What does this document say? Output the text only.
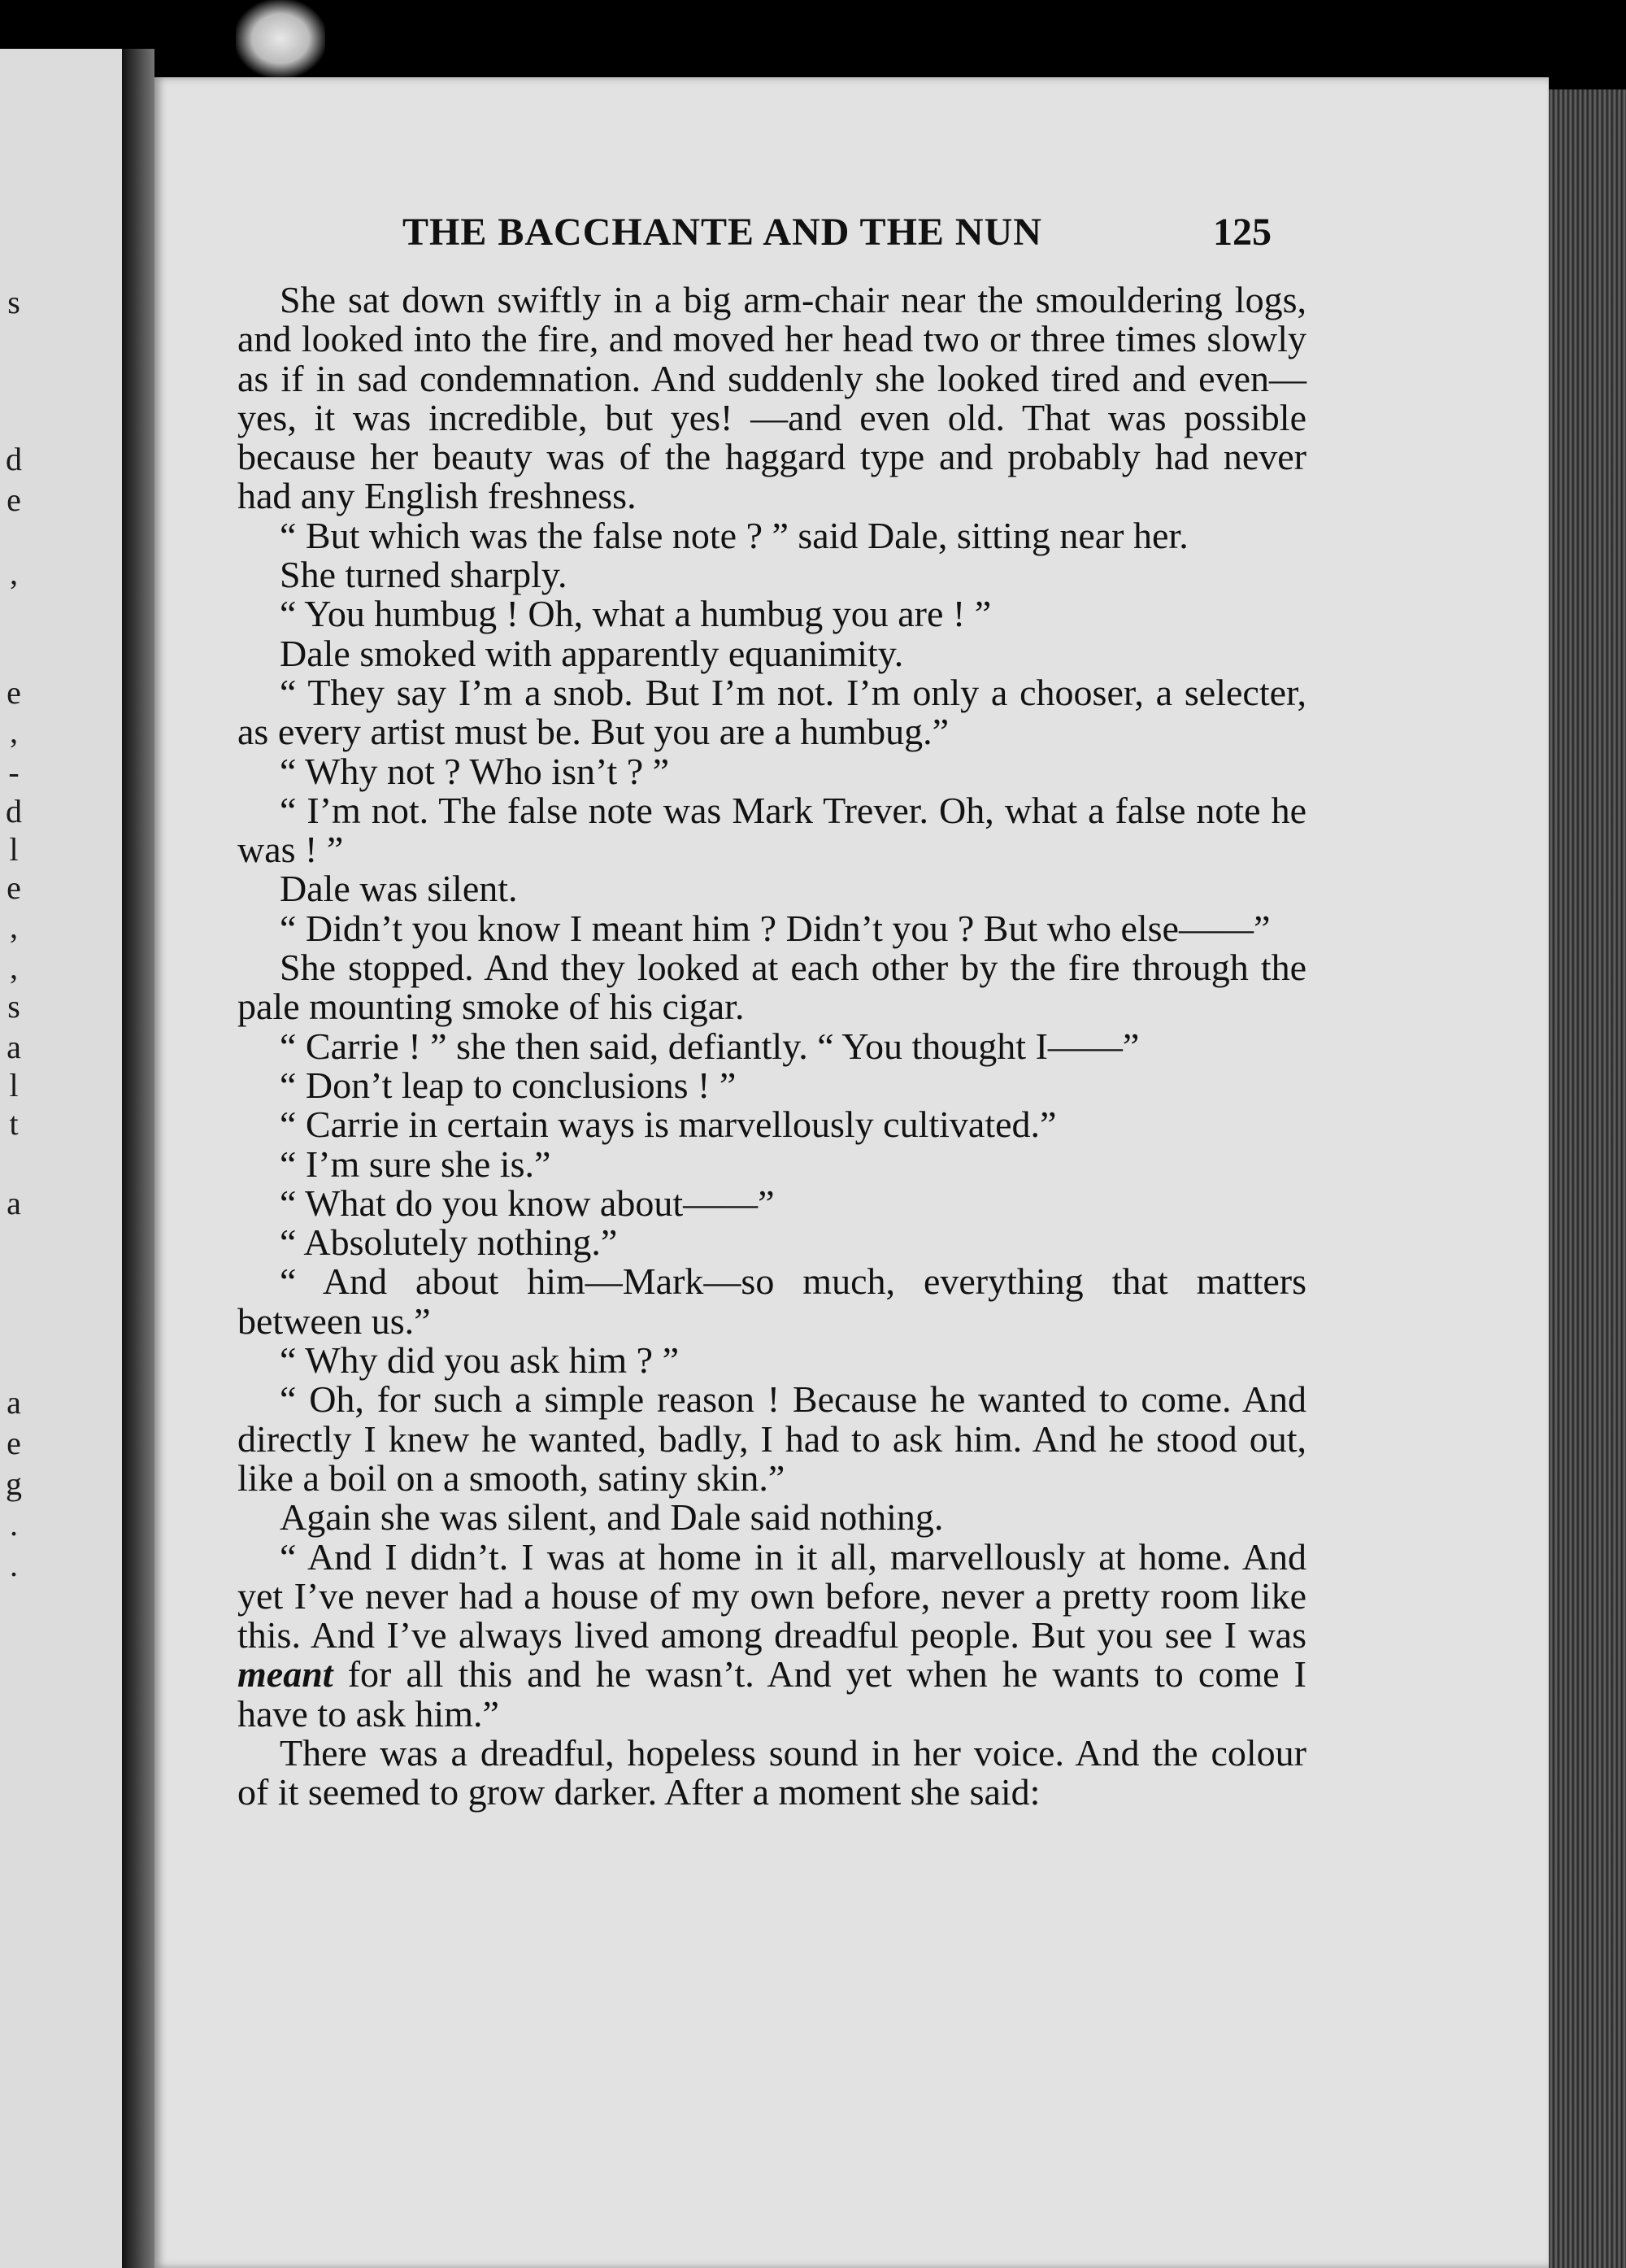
s
d
e
,
e
,
-
d
l
e
,
,
s
a
l
t
a
a
e
g
.
.
THE BACCHANTE AND THE NUN	125

She sat down swiftly in a big arm-chair near the smouldering logs, and looked into the fire, and moved her head two or three times slowly as if in sad condemnation. And suddenly she looked tired and even—yes, it was incredible, but yes! —and even old. That was possible because her beauty was of the haggard type and probably had never had any English freshness.

“ But which was the false note ? ” said Dale, sitting near her.

She turned sharply.

“ You humbug ! Oh, what a humbug you are ! ”

Dale smoked with apparently equanimity.

“ They say I’m a snob. But I’m not. I’m only a chooser, a selecter, as every artist must be. But you are a humbug.”

“ Why not ? Who isn’t ? ”

“ I’m not. The false note was Mark Trever. Oh, what a false note he was ! ”

Dale was silent.

“ Didn’t you know I meant him ? Didn’t you ? But who else——”

She stopped. And they looked at each other by the fire through the pale mounting smoke of his cigar.

“ Carrie ! ” she then said, defiantly. “ You thought I——”

“ Don’t leap to conclusions ! ”

“ Carrie in certain ways is marvellously cultivated.”

“ I’m sure she is.”

“ What do you know about——”

“ Absolutely nothing.”

“ And about him—Mark—so much, everything that matters between us.”

“ Why did you ask him ? ”

“ Oh, for such a simple reason ! Because he wanted to come. And directly I knew he wanted, badly, I had to ask him. And he stood out, like a boil on a smooth, satiny skin.”

Again she was silent, and Dale said nothing.

“ And I didn’t. I was at home in it all, marvellously at home. And yet I’ve never had a house of my own before, never a pretty room like this. And I’ve always lived among dreadful people. But you see I was meant for all this and he wasn’t. And yet when he wants to come I have to ask him.”

There was a dreadful, hopeless sound in her voice. And the colour of it seemed to grow darker. After a moment she said:
